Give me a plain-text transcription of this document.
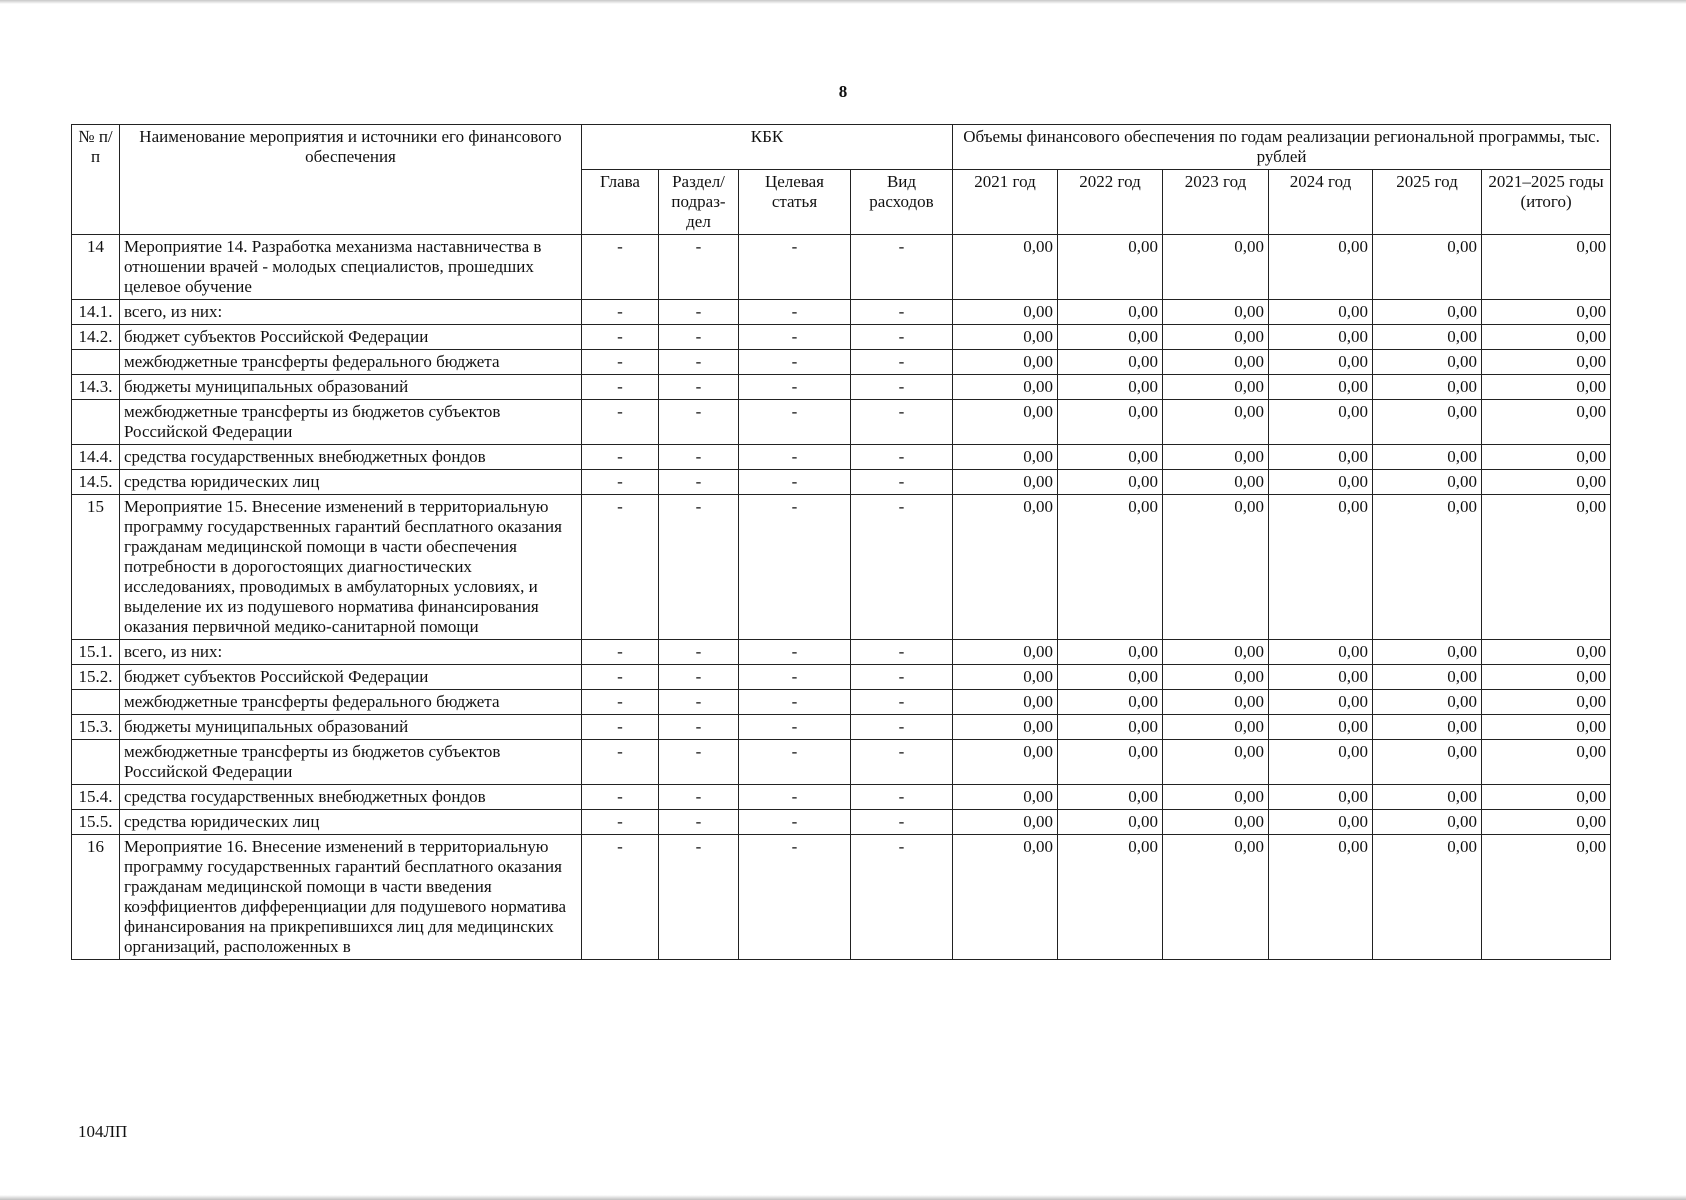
8
№ п/п	Наименование мероприятия и источники его финансового обеспечения	КБК				Объемы финансового обеспечения по годам реализации региональной программы, тыс. рублей					
		Глава	Раздел/ подраз-дел	Целевая статья	Вид расходов	2021 год	2022 год	2023 год	2024 год	2025 год	2021–2025 годы (итого)
14	Мероприятие 14. Разработка механизма наставничества в отношении врачей - молодых специалистов, прошедших целевое обучение	-	-	-	-	0,00	0,00	0,00	0,00	0,00	0,00
14.1.	всего, из них:	-	-	-	-	0,00	0,00	0,00	0,00	0,00	0,00
14.2.	бюджет субъектов Российской Федерации	-	-	-	-	0,00	0,00	0,00	0,00	0,00	0,00
	межбюджетные трансферты федерального бюджета	-	-	-	-	0,00	0,00	0,00	0,00	0,00	0,00
14.3.	бюджеты муниципальных образований	-	-	-	-	0,00	0,00	0,00	0,00	0,00	0,00
	межбюджетные трансферты из бюджетов субъектов Российской Федерации	-	-	-	-	0,00	0,00	0,00	0,00	0,00	0,00
14.4.	средства государственных внебюджетных фондов	-	-	-	-	0,00	0,00	0,00	0,00	0,00	0,00
14.5.	средства юридических лиц	-	-	-	-	0,00	0,00	0,00	0,00	0,00	0,00
15	Мероприятие 15. Внесение изменений в территориальную программу государственных гарантий бесплатного оказания гражданам медицинской помощи в части обеспечения потребности в дорогостоящих диагностических исследованиях, проводимых в амбулаторных условиях, и выделение их из подушевого норматива финансирования оказания первичной медико-санитарной помощи	-	-	-	-	0,00	0,00	0,00	0,00	0,00	0,00
15.1.	всего, из них:	-	-	-	-	0,00	0,00	0,00	0,00	0,00	0,00
15.2.	бюджет субъектов Российской Федерации	-	-	-	-	0,00	0,00	0,00	0,00	0,00	0,00
	межбюджетные трансферты федерального бюджета	-	-	-	-	0,00	0,00	0,00	0,00	0,00	0,00
15.3.	бюджеты муниципальных образований	-	-	-	-	0,00	0,00	0,00	0,00	0,00	0,00
	межбюджетные трансферты из бюджетов субъектов Российской Федерации	-	-	-	-	0,00	0,00	0,00	0,00	0,00	0,00
15.4.	средства государственных внебюджетных фондов	-	-	-	-	0,00	0,00	0,00	0,00	0,00	0,00
15.5.	средства юридических лиц	-	-	-	-	0,00	0,00	0,00	0,00	0,00	0,00
16	Мероприятие 16. Внесение изменений в территориальную программу государственных гарантий бесплатного оказания гражданам медицинской помощи в части введения коэффициентов дифференциации для подушевого норматива финансирования на прикрепившихся лиц для медицинских организаций, расположенных в	-	-	-	-	0,00	0,00	0,00	0,00	0,00	0,00
104ЛП
